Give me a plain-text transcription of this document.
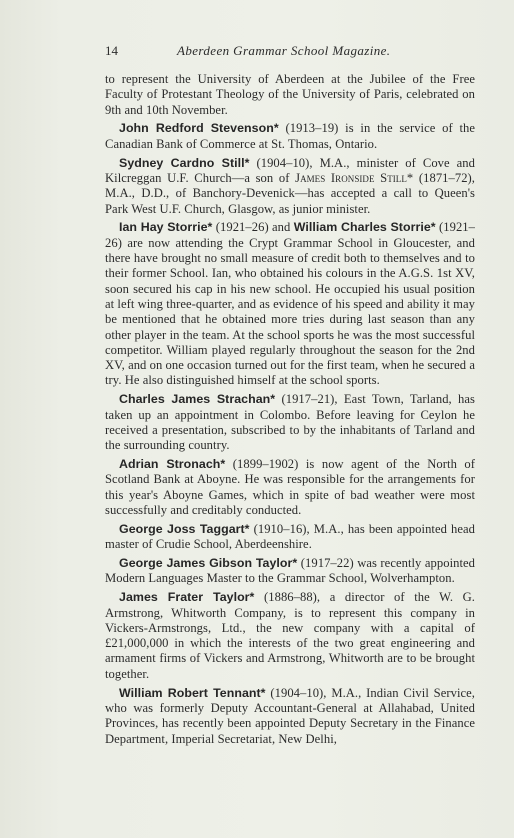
14	Aberdeen Grammar School Magazine.

to represent the University of Aberdeen at the Jubilee of the Free Faculty of Protestant Theology of the University of Paris, celebrated on 9th and 10th November.

John Redford Stevenson* (1913–19) is in the service of the Canadian Bank of Commerce at St. Thomas, Ontario.

Sydney Cardno Still* (1904–10), M.A., minister of Cove and Kilcreggan U.F. Church—a son of James Ironside Still* (1871–72), M.A., D.D., of Banchory-Devenick—has accepted a call to Queen's Park West U.F. Church, Glasgow, as junior minister.

Ian Hay Storrie* (1921–26) and William Charles Storrie* (1921–26) are now attending the Crypt Grammar School in Gloucester, and there have brought no small measure of credit both to themselves and to their former School. Ian, who obtained his colours in the A.G.S. 1st XV, soon secured his cap in his new school. He occupied his usual position at left wing three-quarter, and as evidence of his speed and ability it may be mentioned that he obtained more tries during last season than any other player in the team. At the school sports he was the most successful competitor. William played regularly throughout the season for the 2nd XV, and on one occasion turned out for the first team, when he secured a try. He also distinguished himself at the school sports.

Charles James Strachan* (1917–21), East Town, Tarland, has taken up an appointment in Colombo. Before leaving for Ceylon he received a presentation, subscribed to by the inhabitants of Tarland and the surrounding country.

Adrian Stronach* (1899–1902) is now agent of the North of Scotland Bank at Aboyne. He was responsible for the arrangements for this year's Aboyne Games, which in spite of bad weather were most successfully and creditably conducted.

George Joss Taggart* (1910–16), M.A., has been appointed head master of Crudie School, Aberdeenshire.

George James Gibson Taylor* (1917–22) was recently appointed Modern Languages Master to the Grammar School, Wolverhampton.

James Frater Taylor* (1886–88), a director of the W. G. Armstrong, Whitworth Company, is to represent this company in Vickers-Armstrongs, Ltd., the new company with a capital of £21,000,000 in which the interests of the two great engineering and armament firms of Vickers and Armstrong, Whitworth are to be brought together.

William Robert Tennant* (1904–10), M.A., Indian Civil Service, who was formerly Deputy Accountant-General at Allahabad, United Provinces, has recently been appointed Deputy Secretary in the Finance Department, Imperial Secretariat, New Delhi,
